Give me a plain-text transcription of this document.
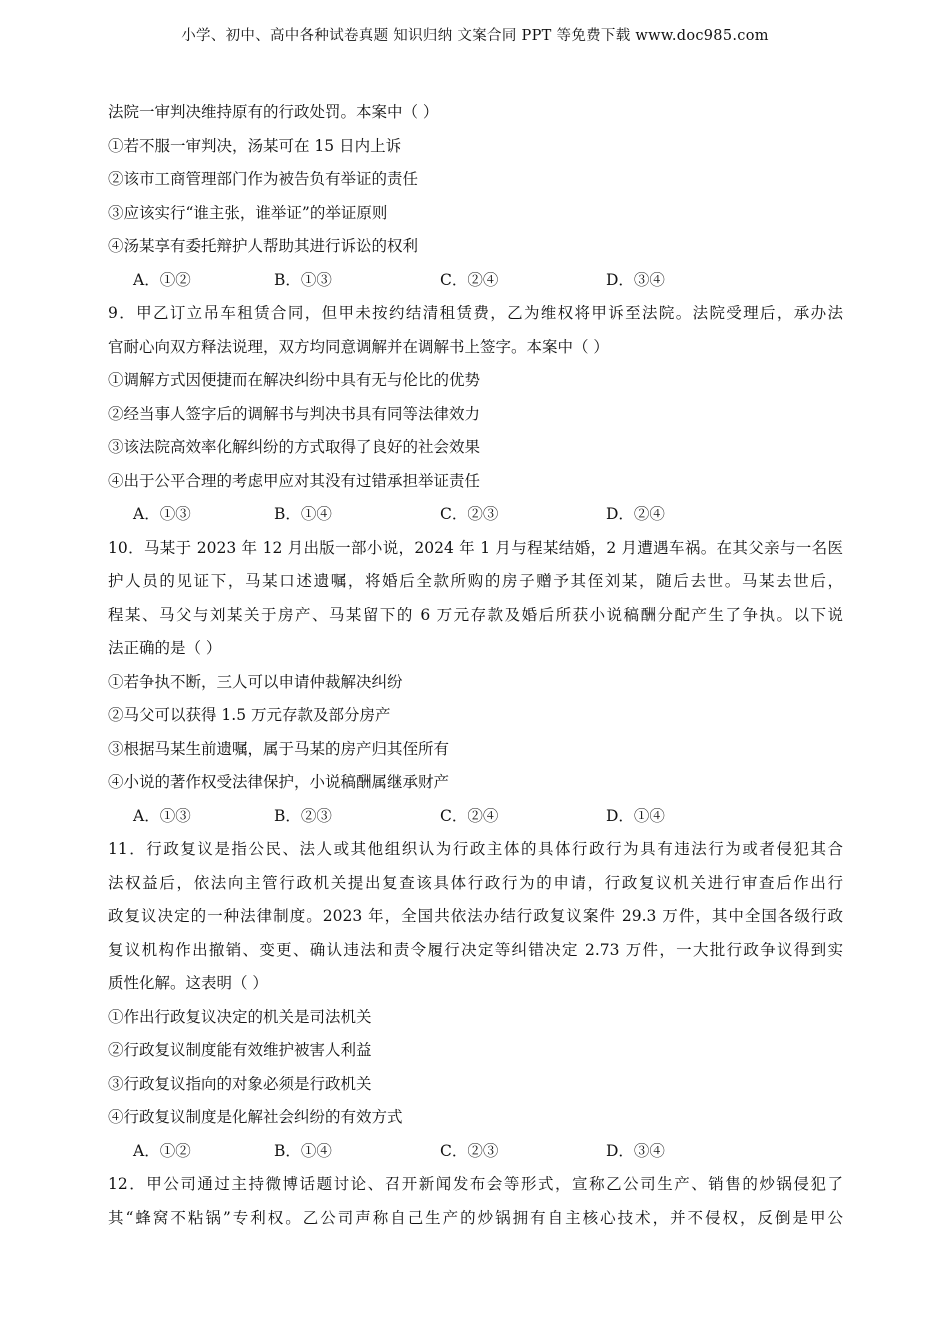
小学、初中、高中各种试卷真题 知识归纳 文案合同 PPT 等免费下载 www.doc985.com
法院一审判决维持原有的行政处罚。本案中（ ）
①若不服一审判决，汤某可在 15 日内上诉
②该市工商管理部门作为被告负有举证的责任
③应该实行“谁主张，谁举证”的举证原则
④汤某享有委托辩护人帮助其进行诉讼的权利
A．①②	B．①③	C．②④	D．③④
9．甲乙订立吊车租赁合同，但甲未按约结清租赁费，乙为维权将甲诉至法院。法院受理后，承办法
官耐心向双方释法说理，双方均同意调解并在调解书上签字。本案中（ ）
①调解方式因便捷而在解决纠纷中具有无与伦比的优势
②经当事人签字后的调解书与判决书具有同等法律效力
③该法院高效率化解纠纷的方式取得了良好的社会效果
④出于公平合理的考虑甲应对其没有过错承担举证责任
A．①③	B．①④	C．②③	D．②④
10．马某于 2023 年 12 月出版一部小说，2024 年 1 月与程某结婚，2 月遭遇车祸。在其父亲与一名医
护人员的见证下，马某口述遗嘱，将婚后全款所购的房子赠予其侄刘某，随后去世。马某去世后，
程某、马父与刘某关于房产、马某留下的 6 万元存款及婚后所获小说稿酬分配产生了争执。以下说
法正确的是（ ）
①若争执不断，三人可以申请仲裁解决纠纷
②马父可以获得 1.5 万元存款及部分房产
③根据马某生前遗嘱，属于马某的房产归其侄所有
④小说的著作权受法律保护，小说稿酬属继承财产
A．①③	B．②③	C．②④	D．①④
11．行政复议是指公民、法人或其他组织认为行政主体的具体行政行为具有违法行为或者侵犯其合
法权益后，依法向主管行政机关提出复查该具体行政行为的申请，行政复议机关进行审查后作出行
政复议决定的一种法律制度。2023 年，全国共依法办结行政复议案件 29.3 万件，其中全国各级行政
复议机构作出撤销、变更、确认违法和责令履行决定等纠错决定 2.73 万件，一大批行政争议得到实
质性化解。这表明（ ）
①作出行政复议决定的机关是司法机关
②行政复议制度能有效维护被害人利益
③行政复议指向的对象必须是行政机关
④行政复议制度是化解社会纠纷的有效方式
A．①②	B．①④	C．②③	D．③④
12．甲公司通过主持微博话题讨论、召开新闻发布会等形式，宣称乙公司生产、销售的炒锅侵犯了
其“蜂窝不粘锅”专利权。乙公司声称自己生产的炒锅拥有自主核心技术，并不侵权，反倒是甲公
